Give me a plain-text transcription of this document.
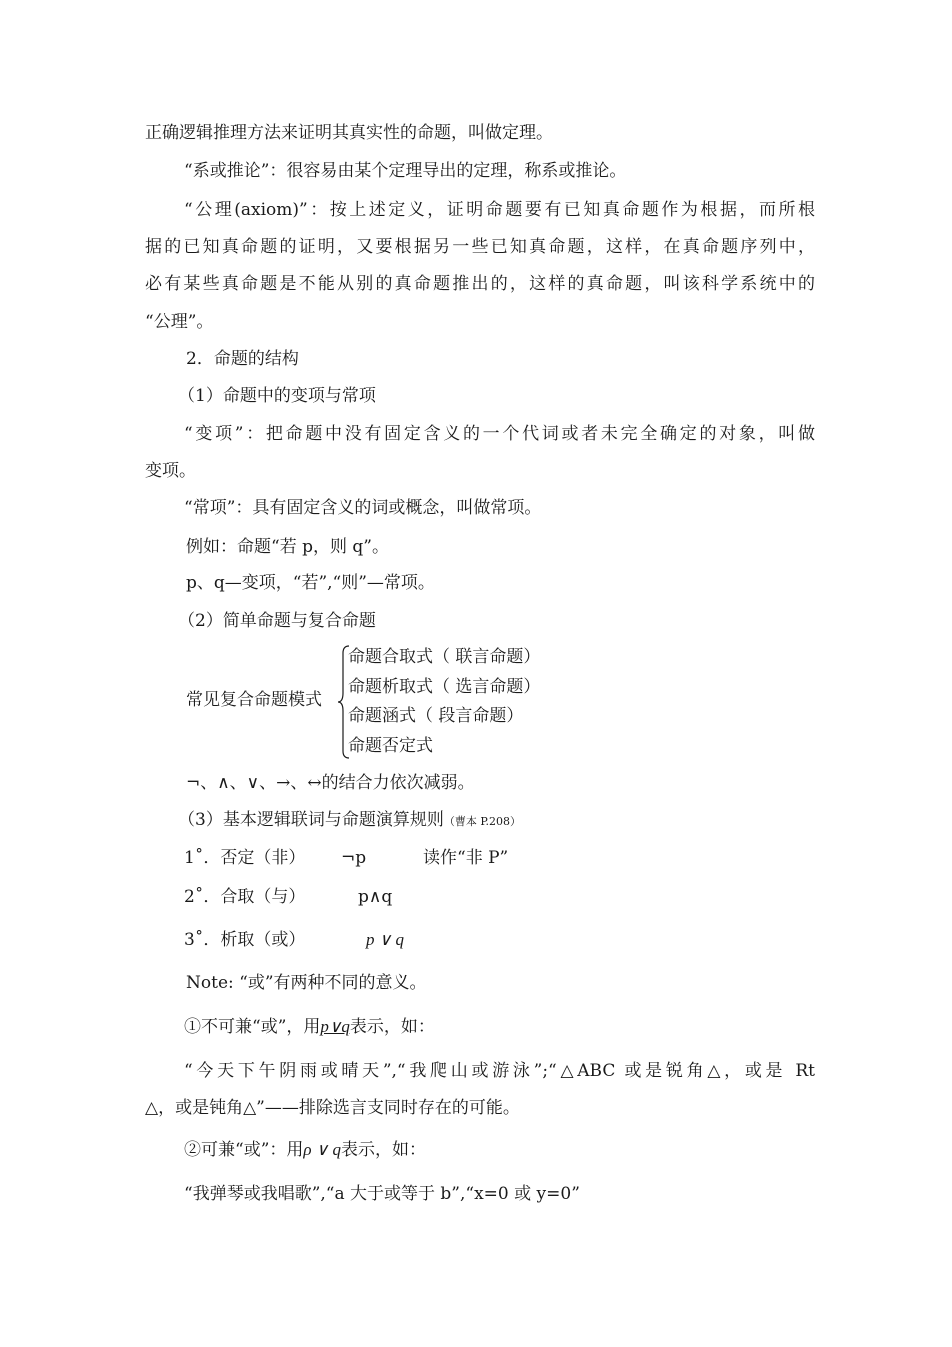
正确逻辑推理方法来证明其真实性的命题，叫做定理。
“系或推论”：很容易由某个定理导出的定理，称系或推论。
“公理(axiom)”：按上述定义，证明命题要有已知真命题作为根据，而所根
据的已知真命题的证明，又要根据另一些已知真命题，这样，在真命题序列中，
必有某些真命题是不能从别的真命题推出的，这样的真命题，叫该科学系统中的
“公理”。
2．命题的结构
（1）命题中的变项与常项
“变项”：把命题中没有固定含义的一个代词或者未完全确定的对象，叫做
变项。
“常项”：具有固定含义的词或概念，叫做常项。
例如：命题“若 p，则 q”。
p、q—变项，“若”,“则”—常项。
（2）简单命题与复合命题
常见复合命题模式
命题合取式（ 联言命题）
命题析取式（ 选言命题）
命题涵式（ 段言命题）
命题否定式
¬、∧、∨、→、↔的结合力依次减弱。
（3）基本逻辑联词与命题演算规则（曹本 P.208）
1˚．否定（非） ¬p	读作“非 P”
2˚．合取（与）	p∧q
3˚．析取（或）	p ∨ q
Note: “或”有两种不同的意义。
①不可兼“或”，用p∨q表示，如：
“今天下午阴雨或晴天”,“我爬山或游泳”;“△ABC 或是锐角△，或是 Rt
△，或是钝角△”——排除选言支同时存在的可能。
②可兼“或”：用ρ ∨ q表示，如：
“我弹琴或我唱歌”,“a 大于或等于 b”,“x=0 或 y=0”
